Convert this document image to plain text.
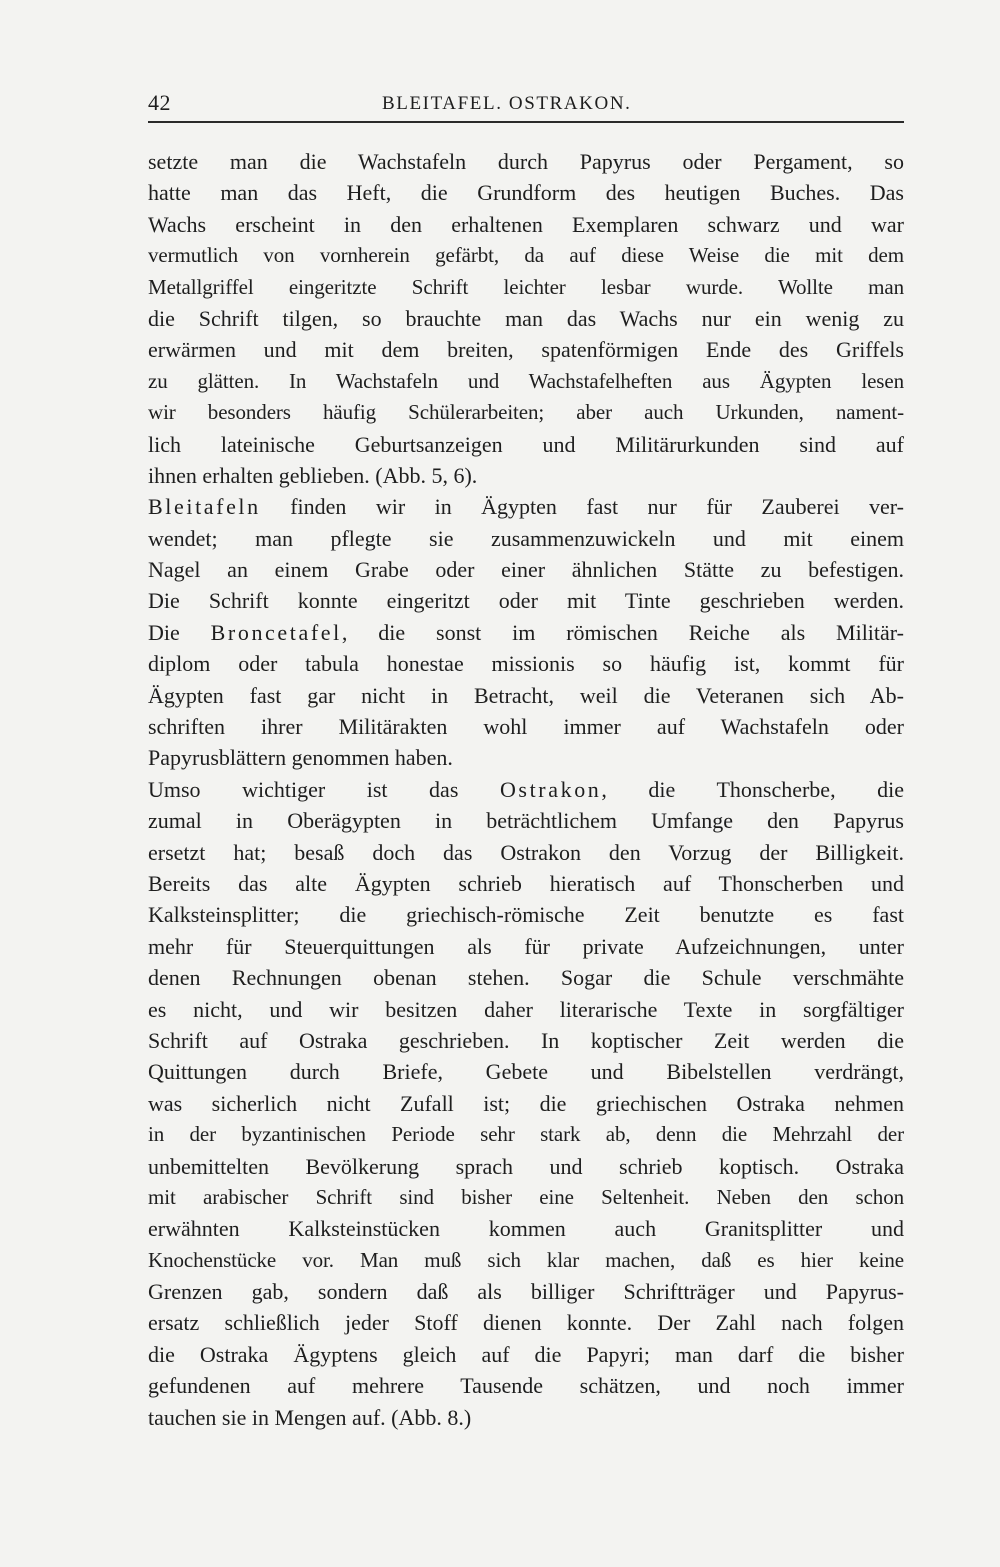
42	BLEITAFEL. OSTRAKON.
setzte man die Wachstafeln durch Papyrus oder Pergament, so
hatte man das Heft, die Grundform des heutigen Buches. Das
Wachs erscheint in den erhaltenen Exemplaren schwarz und war
vermutlich von vornherein gefärbt, da auf diese Weise die mit dem
Metallgriffel eingeritzte Schrift leichter lesbar wurde. Wollte man
die Schrift tilgen, so brauchte man das Wachs nur ein wenig zu
erwärmen und mit dem breiten, spatenförmigen Ende des Griffels
zu glätten. In Wachstafeln und Wachstafelheften aus Ägypten lesen
wir besonders häufig Schülerarbeiten; aber auch Urkunden, nament-
lich lateinische Geburtsanzeigen und Militärurkunden sind auf
ihnen erhalten geblieben. (Abb. 5, 6).
Bleitafeln finden wir in Ägypten fast nur für Zauberei ver-
wendet; man pflegte sie zusammenzuwickeln und mit einem
Nagel an einem Grabe oder einer ähnlichen Stätte zu befestigen.
Die Schrift konnte eingeritzt oder mit Tinte geschrieben werden.
Die Broncetafel, die sonst im römischen Reiche als Militär-
diplom oder tabula honestae missionis so häufig ist, kommt für
Ägypten fast gar nicht in Betracht, weil die Veteranen sich Ab-
schriften ihrer Militärakten wohl immer auf Wachstafeln oder
Papyrusblättern genommen haben.
Umso wichtiger ist das Ostrakon, die Thonscherbe, die
zumal in Oberägypten in beträchtlichem Umfange den Papyrus
ersetzt hat; besaß doch das Ostrakon den Vorzug der Billigkeit.
Bereits das alte Ägypten schrieb hieratisch auf Thonscherben und
Kalksteinsplitter; die griechisch-römische Zeit benutzte es fast
mehr für Steuerquittungen als für private Aufzeichnungen, unter
denen Rechnungen obenan stehen. Sogar die Schule verschmähte
es nicht, und wir besitzen daher literarische Texte in sorgfältiger
Schrift auf Ostraka geschrieben. In koptischer Zeit werden die
Quittungen durch Briefe, Gebete und Bibelstellen verdrängt,
was sicherlich nicht Zufall ist; die griechischen Ostraka nehmen
in der byzantinischen Periode sehr stark ab, denn die Mehrzahl der
unbemittelten Bevölkerung sprach und schrieb koptisch. Ostraka
mit arabischer Schrift sind bisher eine Seltenheit. Neben den schon
erwähnten Kalksteinstücken kommen auch Granitsplitter und
Knochenstücke vor. Man muß sich klar machen, daß es hier keine
Grenzen gab, sondern daß als billiger Schriftträger und Papyrus-
ersatz schließlich jeder Stoff dienen konnte. Der Zahl nach folgen
die Ostraka Ägyptens gleich auf die Papyri; man darf die bisher
gefundenen auf mehrere Tausende schätzen, und noch immer
tauchen sie in Mengen auf. (Abb. 8.)
